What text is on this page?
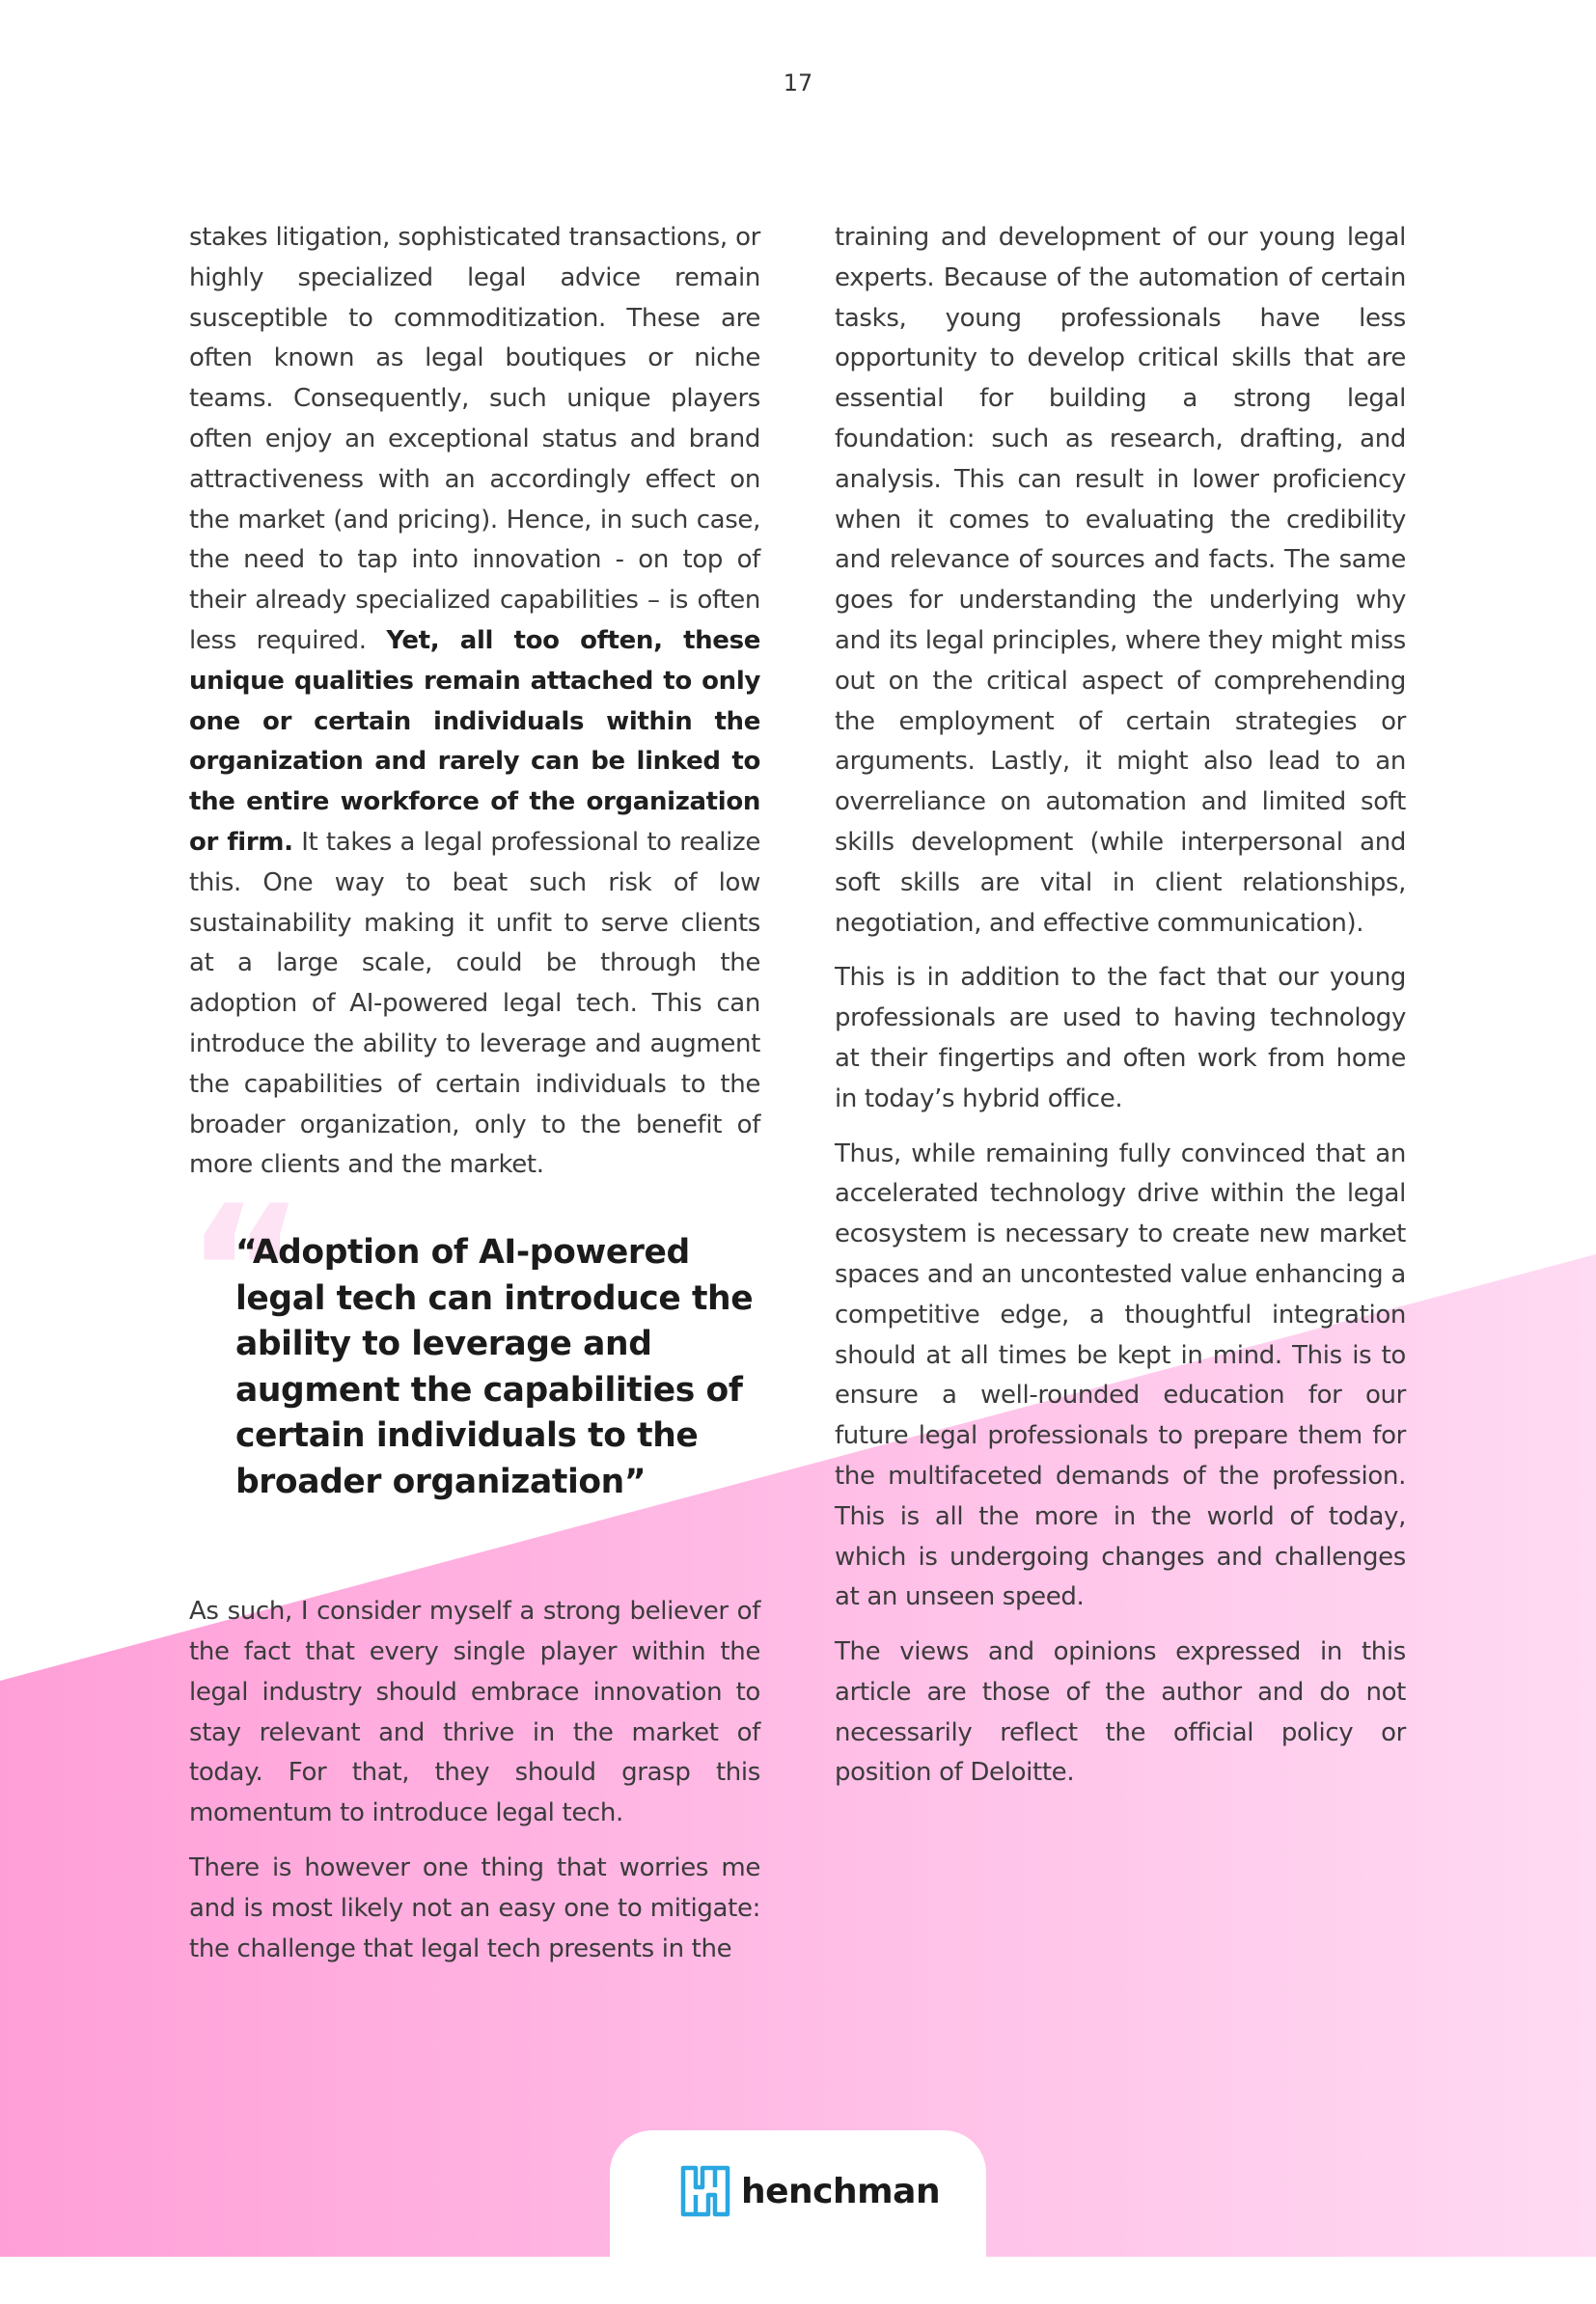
17

stakes litigation, sophisticated transactions, or highly specialized legal advice remain susceptible to commoditization. These are often known as legal boutiques or niche teams. Consequently, such unique players often enjoy an exceptional status and brand attractiveness with an accordingly effect on the market (and pricing). Hence, in such case, the need to tap into innovation - on top of their already specialized capabilities – is often less required. Yet, all too often, these unique qualities remain attached to only one or certain individuals within the organization and rarely can be linked to the entire workforce of the organization or firm. It takes a legal professional to realize this. One way to beat such risk of low sustainability making it unfit to serve clients at a large scale, could be through the adoption of AI-powered legal tech. This can introduce the ability to leverage and augment the capabilities of certain individuals to the broader organization, only to the benefit of more clients and the market.

“

“Adoption of AI-powered legal tech can introduce the ability to leverage and augment the capabilities of certain individuals to the broader organization”

As such, I consider myself a strong believer of the fact that every single player within the legal industry should embrace innovation to stay relevant and thrive in the market of today. For that, they should grasp this momentum to introduce legal tech.

There is however one thing that worries me and is most likely not an easy one to mitigate: the challenge that legal tech presents in the

training and development of our young legal experts. Because of the automation of certain tasks, young professionals have less opportunity to develop critical skills that are essential for building a strong legal foundation: such as research, drafting, and analysis. This can result in lower proficiency when it comes to evaluating the credibility and relevance of sources and facts. The same goes for understanding the underlying why and its legal principles, where they might miss out on the critical aspect of comprehending the employment of certain strategies or arguments. Lastly, it might also lead to an overreliance on automation and limited soft skills development (while interpersonal and soft skills are vital in client relationships, negotiation, and effective communication).

This is in addition to the fact that our young professionals are used to having technology at their fingertips and often work from home in today’s hybrid office.

Thus, while remaining fully convinced that an accelerated technology drive within the legal ecosystem is necessary to create new market spaces and an uncontested value enhancing a competitive edge, a thoughtful integration should at all times be kept in mind. This is to ensure a well-rounded education for our future legal professionals to prepare them for the multifaceted demands of the profession. This is all the more in the world of today, which is undergoing changes and challenges at an unseen speed.

The views and opinions expressed in this article are those of the author and do not necessarily reflect the official policy or position of Deloitte.

henchman
